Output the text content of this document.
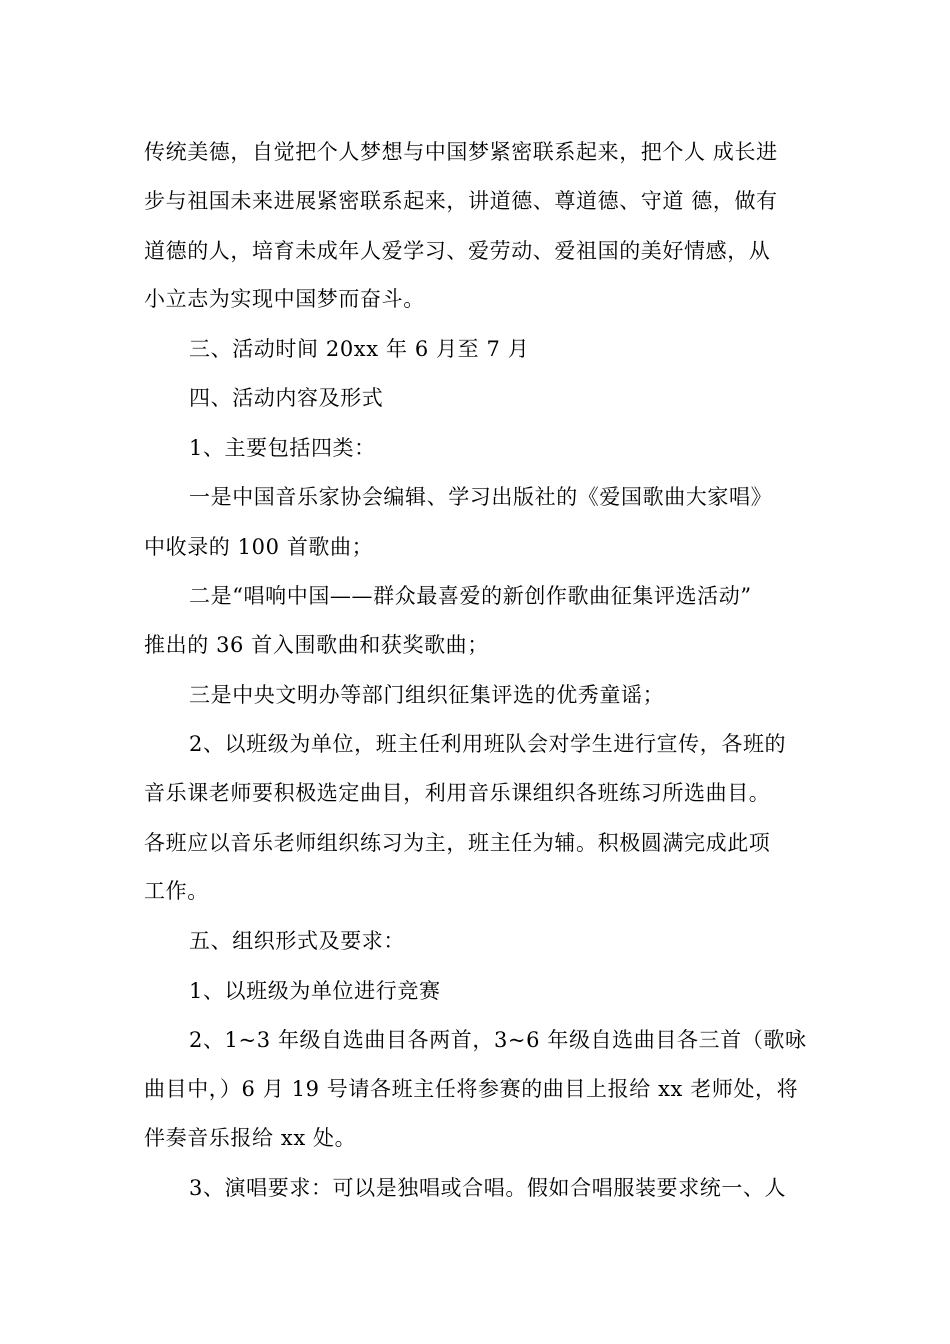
传统美德，自觉把个人梦想与中国梦紧密联系起来，把个人 成长进
步与祖国未来进展紧密联系起来，讲道德、尊道德、守道 德，做有
道德的人，培育未成年人爱学习、爱劳动、爱祖国的美好情感，从
小立志为实现中国梦而奋斗。
三、活动时间 20xx 年 6 月至 7 月
四、活动内容及形式
1、主要包括四类：
一是中国音乐家协会编辑、学习出版社的《爱国歌曲大家唱》
中收录的 100 首歌曲；
二是“唱响中国——群众最喜爱的新创作歌曲征集评选活动”
推出的 36 首入围歌曲和获奖歌曲；
三是中央文明办等部门组织征集评选的优秀童谣；
2、以班级为单位，班主任利用班队会对学生进行宣传，各班的
音乐课老师要积极选定曲目，利用音乐课组织各班练习所选曲目。
各班应以音乐老师组织练习为主，班主任为辅。积极圆满完成此项
工作。
五、组织形式及要求：
1、以班级为单位进行竞赛
2、1~3 年级自选曲目各两首，3~6 年级自选曲目各三首（歌咏
曲目中，）6 月 19 号请各班主任将参赛的曲目上报给 xx 老师处，将
伴奏音乐报给 xx 处。
3、演唱要求：可以是独唱或合唱。假如合唱服装要求统一、人
